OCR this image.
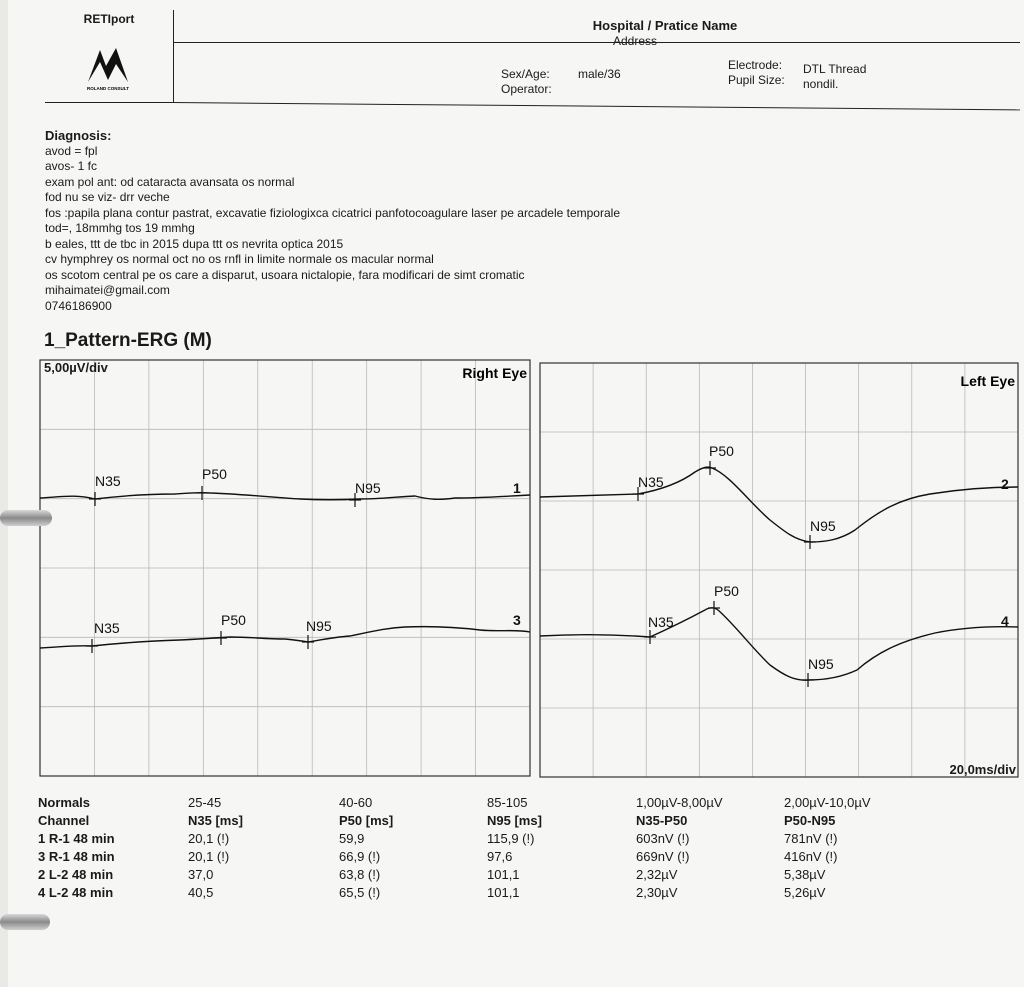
RETIport
ROLAND CONSULT
Hospital / Pratice Name
Address
Sex/Age: male/36
Operator:
Electrode: DTL Thread
Pupil Size: nondil.
Diagnosis:
avod = fpl
avos- 1 fc
exam pol ant: od cataracta avansata os normal
fod nu se viz- drr veche
fos :papila plana contur pastrat, excavatie fiziologixca cicatrici panfotocoagulare laser pe arcadele temporale
tod=, 18mmhg tos 19 mmhg
b eales, ttt de tbc in 2015 dupa ttt os nevrita optica 2015
cv hymphrey os normal oct no os rnfl in limite normale os macular normal
os scotom central pe os care a disparut, usoara nictalopie, fara modificari de simt cromatic
mihaimatei@gmail.com
0746186900
1_Pattern-ERG (M)
Right Eye	Left Eye
N35	P50
N95	1
N35	P50	N95	3
N35
P50
N95
2
N35
P50
N95
4
5,00µV/div
20,0ms/div
Normals	25-45	40-60	85-105	1,00µV-8,00µV	2,00µV-10,0µV
Channel	N35 [ms]	P50 [ms]	N95 [ms]	N35-P50	P50-N95
1 R-1 48 min	20,1 (!)	59,9	115,9 (!)	603nV (!)	781nV (!)
3 R-1 48 min	20,1 (!)	66,9 (!)	97,6	669nV (!)	416nV (!)
2 L-2 48 min	37,0	63,8 (!)	101,1	2,32µV	5,38µV
4 L-2 48 min	40,5	65,5 (!)	101,1	2,30µV	5,26µV
